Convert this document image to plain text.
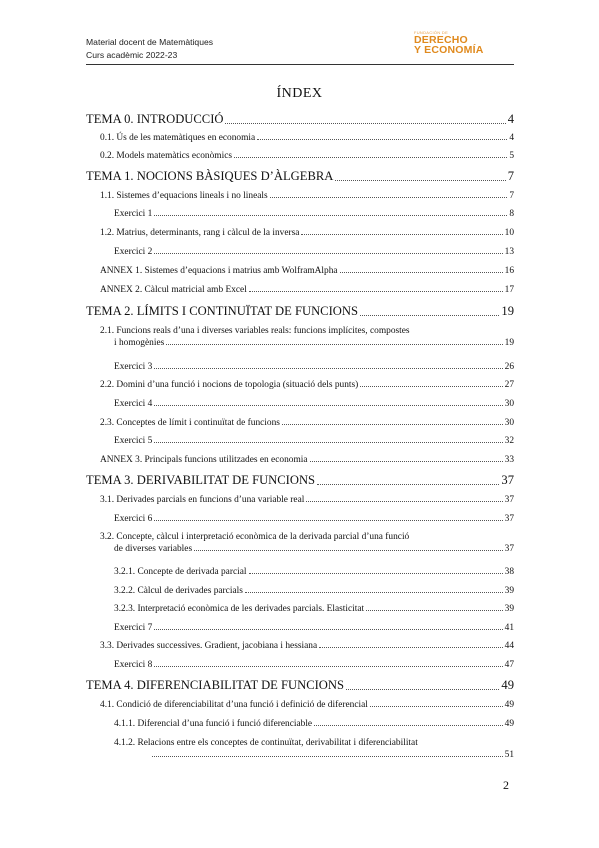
Material docent de Matemàtiques
Curs acadèmic 2022-23
FUNDACIÓN DE
DERECHO
Y ECONOMÍA
ÍNDEX
TEMA 0. INTRODUCCIÓ	4
0.1. Ús de les matemàtiques en economia	4
0.2. Models matemàtics econòmics	5
TEMA 1. NOCIONS BÀSIQUES D’ÀLGEBRA	7
1.1. Sistemes d’equacions lineals i no lineals	7
Exercici 1	8
1.2. Matrius, determinants, rang i càlcul de la inversa	10
Exercici 2	13
ANNEX 1. Sistemes d’equacions i matrius amb WolframAlpha	16
ANNEX 2. Càlcul matricial amb Excel	17
TEMA 2. LÍMITS I CONTINUÏTAT DE FUNCIONS	19
2.1. Funcions reals d’una i diverses variables reals: funcions implícites, compostes
i homogènies	19
Exercici 3	26
2.2. Domini d’una funció i nocions de topologia (situació dels punts)	27
Exercici 4	30
2.3. Conceptes de límit i continuïtat de funcions	30
Exercici 5	32
ANNEX 3. Principals funcions utilitzades en economia	33
TEMA 3. DERIVABILITAT DE FUNCIONS	37
3.1. Derivades parcials en funcions d’una variable real	37
Exercici 6	37
3.2. Concepte, càlcul i interpretació econòmica de la derivada parcial d’una funció
de diverses variables	37
3.2.1. Concepte de derivada parcial	38
3.2.2. Càlcul de derivades parcials	39
3.2.3. Interpretació econòmica de les derivades parcials. Elasticitat	39
Exercici 7	41
3.3. Derivades successives. Gradient, jacobiana i hessiana	44
Exercici 8	47
TEMA 4. DIFERENCIABILITAT DE FUNCIONS	49
4.1. Condició de diferenciabilitat d’una funció i definició de diferencial	49
4.1.1. Diferencial d’una funció i funció diferenciable	49
4.1.2. Relacions entre els conceptes de continuïtat, derivabilitat i diferenciabilitat
51
2
